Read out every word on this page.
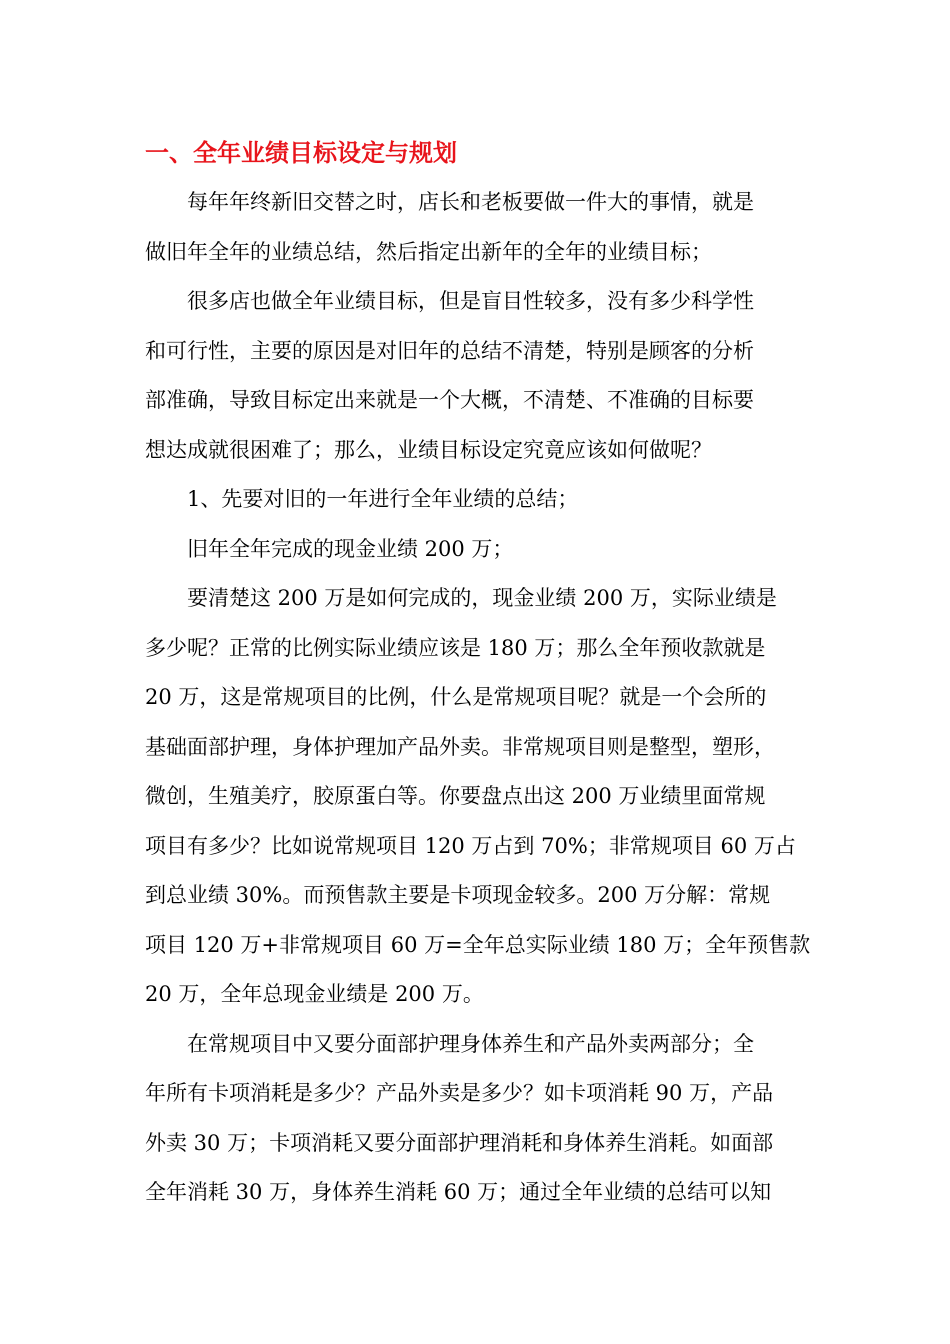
一、全年业绩目标设定与规划

每年年终新旧交替之时，店长和老板要做一件大的事情，就是
做旧年全年的业绩总结，然后指定出新年的全年的业绩目标；

很多店也做全年业绩目标，但是盲目性较多，没有多少科学性
和可行性，主要的原因是对旧年的总结不清楚，特别是顾客的分析
部准确，导致目标定出来就是一个大概，不清楚、不准确的目标要
想达成就很困难了；那么，业绩目标设定究竟应该如何做呢？

1、先要对旧的一年进行全年业绩的总结；

旧年全年完成的现金业绩 200 万；

要清楚这 200 万是如何完成的，现金业绩 200 万，实际业绩是
多少呢？正常的比例实际业绩应该是 180 万；那么全年预收款就是
20 万，这是常规项目的比例，什么是常规项目呢？就是一个会所的
基础面部护理，身体护理加产品外卖。非常规项目则是整型，塑形，
微创，生殖美疗，胶原蛋白等。你要盘点出这 200 万业绩里面常规
项目有多少？比如说常规项目 120 万占到 70%；非常规项目 60 万占
到总业绩 30%。而预售款主要是卡项现金较多。200 万分解：常规
项目 120 万+非常规项目 60 万=全年总实际业绩 180 万；全年预售款
20 万，全年总现金业绩是 200 万。

在常规项目中又要分面部护理身体养生和产品外卖两部分；全
年所有卡项消耗是多少？产品外卖是多少？如卡项消耗 90 万，产品
外卖 30 万；卡项消耗又要分面部护理消耗和身体养生消耗。如面部
全年消耗 30 万，身体养生消耗 60 万；通过全年业绩的总结可以知
